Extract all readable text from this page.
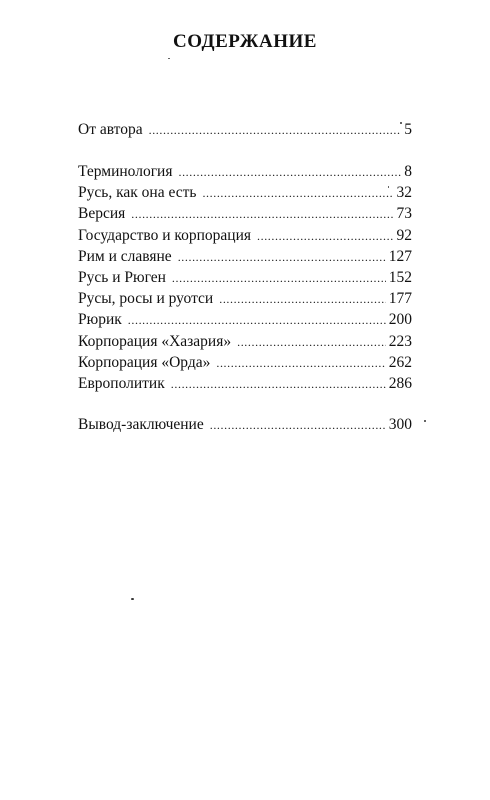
СОДЕРЖАНИЕ
От автора .....	5
Терминология .....	8
Русь, как она есть .....	32
Версия .....	73
Государство и корпорация .....	92
Рим и славяне .....	127
Русь и Рюген .....	152
Русы, росы и руотси .....	177
Рюрик .....	200
Корпорация «Хазария» .....	223
Корпорация «Орда» .....	262
Европолитик .....	286
Вывод-заключение .....	300
